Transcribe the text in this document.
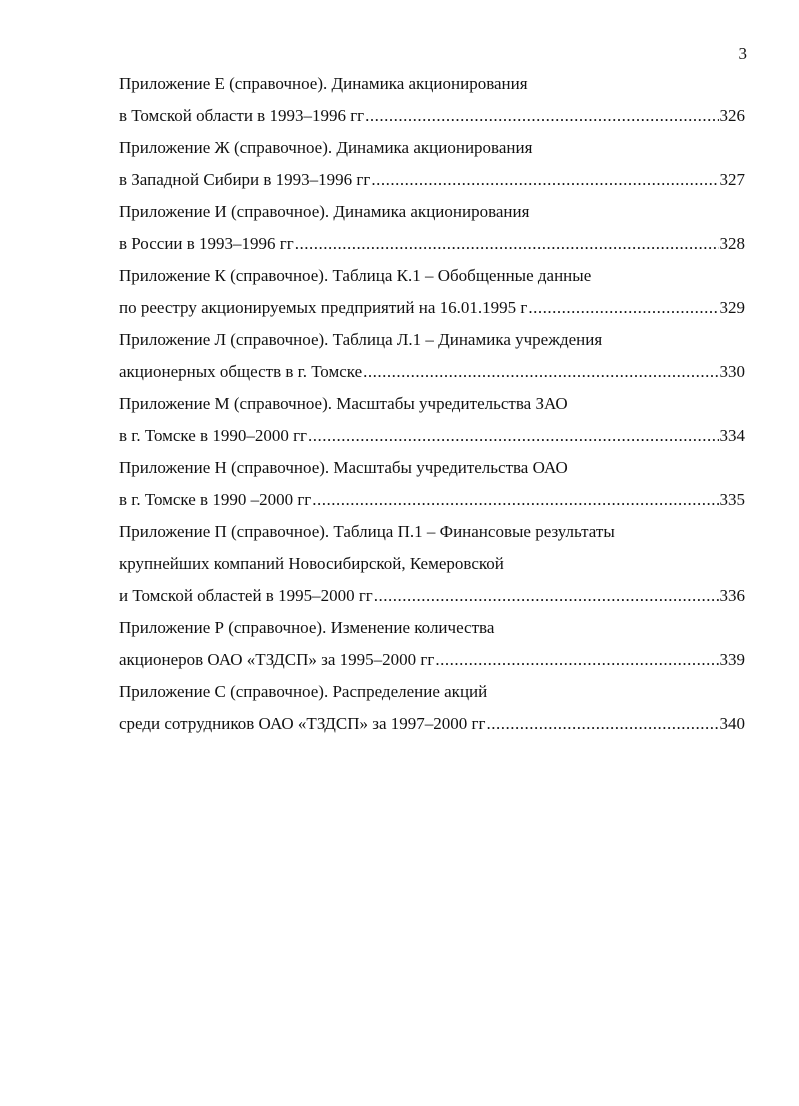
3
Приложение Е (справочное). Динамика акционирования
в Томской области в 1993–1996 гг .....	326
Приложение Ж (справочное). Динамика акционирования
в Западной Сибири в 1993–1996 гг .....	327
Приложение И (справочное). Динамика акционирования
в России в 1993–1996 гг .....	328
Приложение К (справочное). Таблица К.1 – Обобщенные данные
по реестру акционируемых предприятий на 16.01.1995 г .....	329
Приложение Л (справочное). Таблица Л.1 – Динамика учреждения
акционерных обществ в г. Томске .....	330
Приложение М (справочное). Масштабы учредительства ЗАО
в г. Томске в 1990–2000 гг .....	334
Приложение Н (справочное). Масштабы учредительства ОАО
в г. Томске в 1990 –2000 гг .....	335
Приложение П (справочное). Таблица П.1 – Финансовые результаты
крупнейших компаний Новосибирской, Кемеровской
и Томской областей в 1995–2000 гг .....	336
Приложение Р (справочное). Изменение количества
акционеров ОАО «ТЗДСП» за 1995–2000 гг .....	339
Приложение С (справочное). Распределение акций
среди сотрудников ОАО «ТЗДСП» за 1997–2000 гг .....	340
